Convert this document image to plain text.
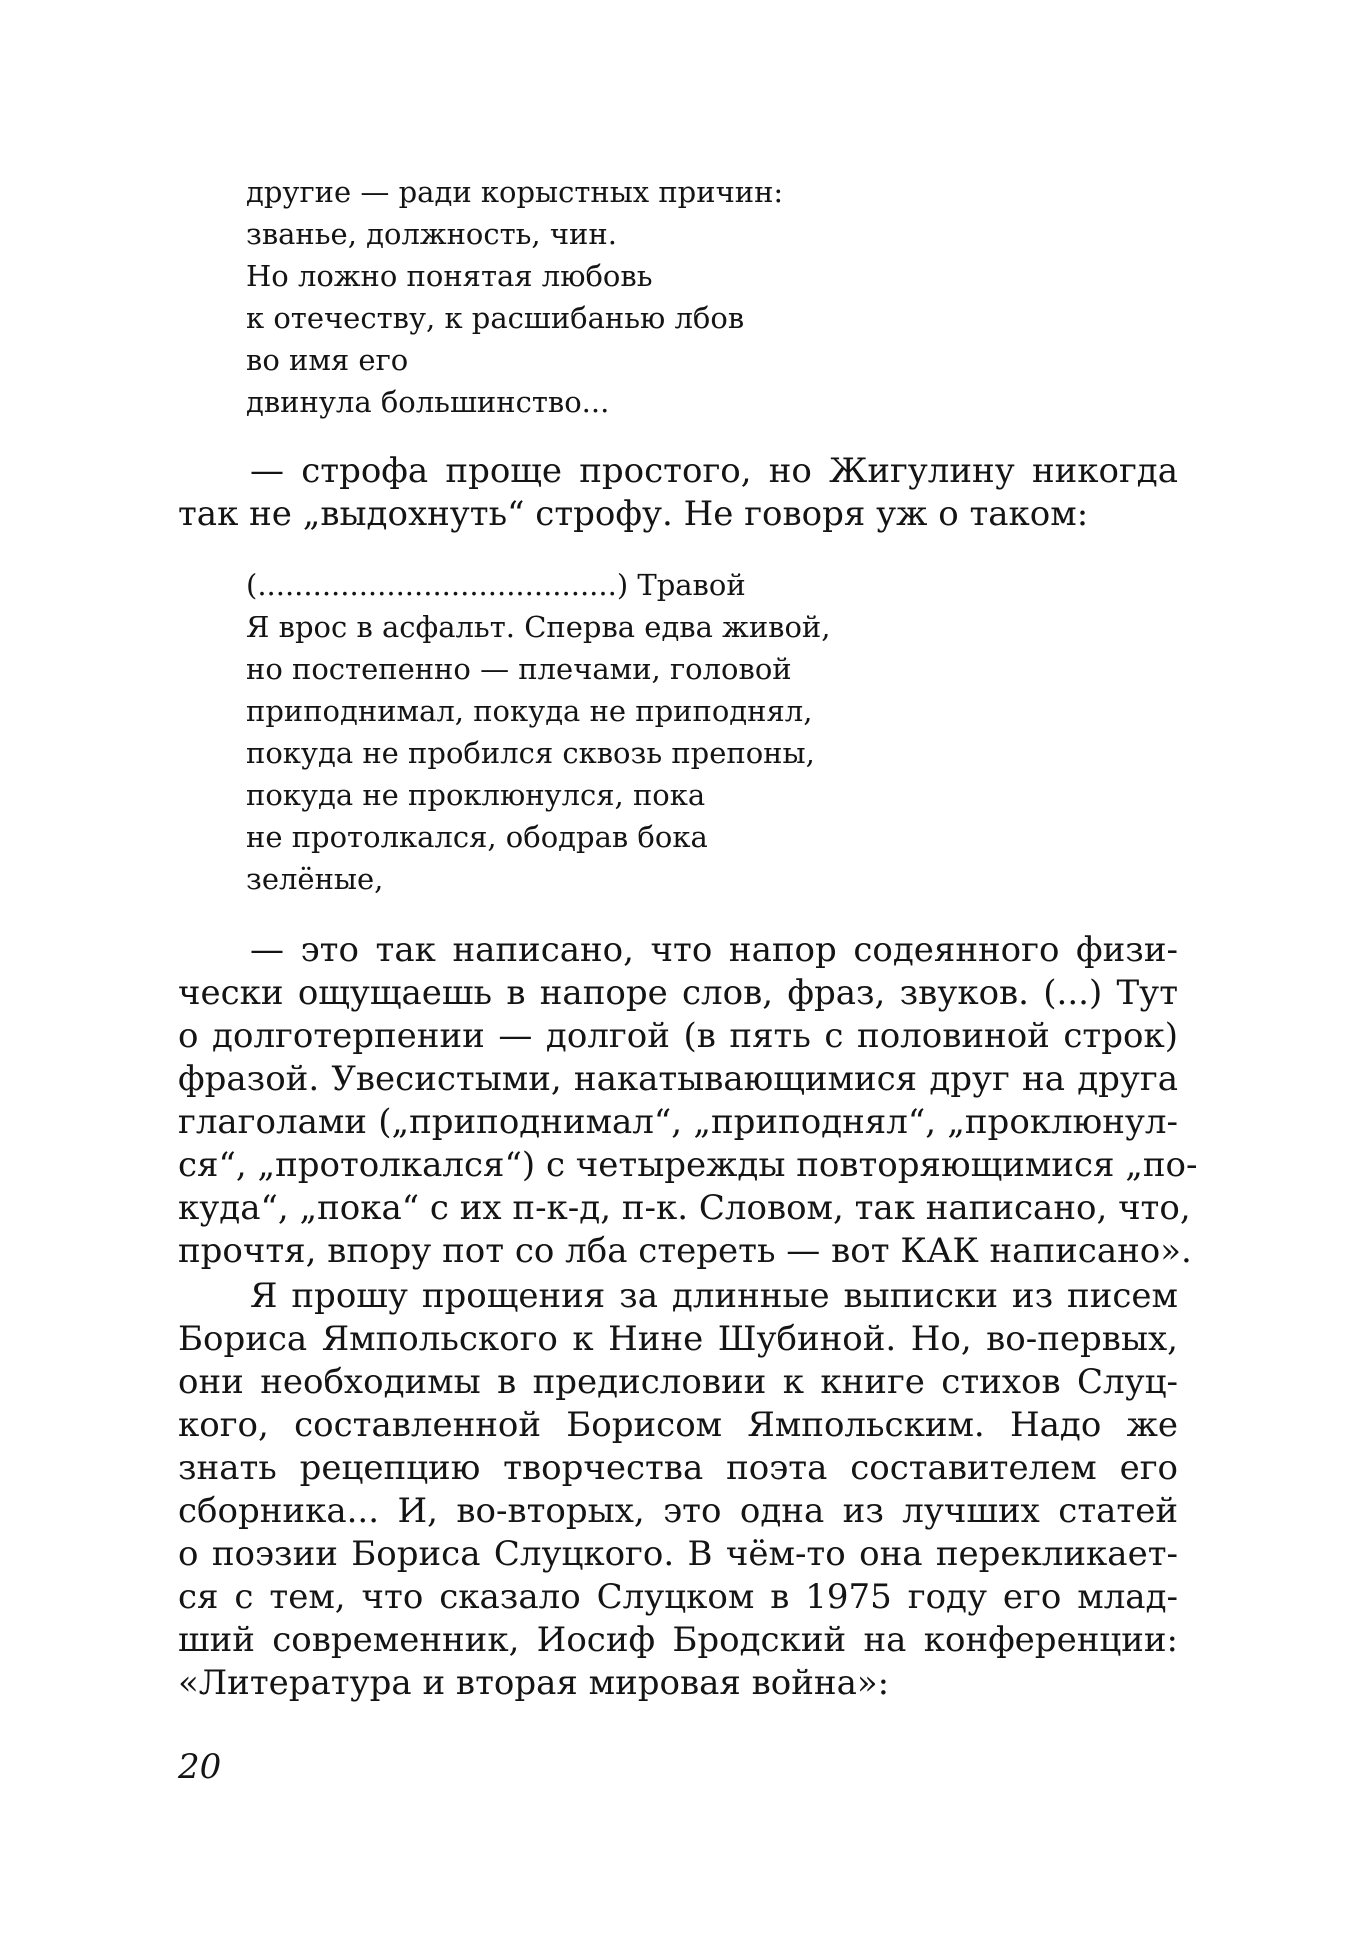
другие — ради корыстных причин:
званье, должность, чин.
Но ложно понятая любовь
к отечеству, к расшибанью лбов
во имя его
двинула большинство...
— строфа проще простого, но Жигулину никогда
так не „выдохнуть“ строфу. Не говоря уж о таком:
(.......................................) Травой
Я врос в асфальт. Сперва едва живой,
но постепенно — плечами, головой
приподнимал, покуда не приподнял,
покуда не пробился сквозь препоны,
покуда не проклюнулся, пока
не протолкался, ободрав бока
зелёные,
— это так написано, что напор содеянного физи-
чески ощущаешь в напоре слов, фраз, звуков. (...) Тут
о долготерпении — долгой (в пять с половиной строк)
фразой. Увесистыми, накатывающимися друг на друга
глаголами („приподнимал“, „приподнял“, „проклюнул-
ся“, „протолкался“) с четырежды повторяющимися „по-
куда“, „пока“ с их п-к-д, п-к. Словом, так написано, что,
прочтя, впору пот со лба стереть — вот КАК написано».
Я прошу прощения за длинные выписки из писем
Бориса Ямпольского к Нине Шубиной. Но, во-первых,
они необходимы в предисловии к книге стихов Слуц-
кого, составленной Борисом Ямпольским. Надо же
знать рецепцию творчества поэта составителем его
сборника... И, во-вторых, это одна из лучших статей
о поэзии Бориса Слуцкого. В чём-то она перекликает-
ся с тем, что сказало Слуцком в 1975 году его млад-
ший современник, Иосиф Бродский на конференции:
«Литература и вторая мировая война»:
20
